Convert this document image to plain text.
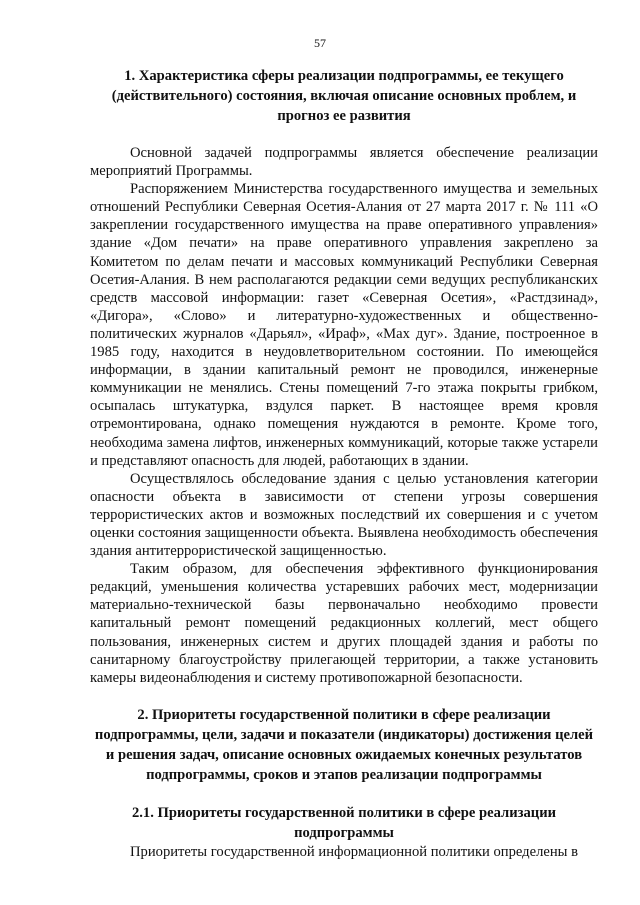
57
1. Характеристика сферы реализации подпрограммы, ее текущего (действительного) состояния, включая описание основных проблем, и прогноз ее развития

Основной задачей подпрограммы является обеспечение реализации мероприятий Программы.

Распоряжением Министерства государственного имущества и земельных отношений Республики Северная Осетия-Алания от 27 марта 2017 г. № 111 «О закреплении государственного имущества на праве оперативного управления» здание «Дом печати» на праве оперативного управления закреплено за Комитетом по делам печати и массовых коммуникаций Республики Северная Осетия-Алания. В нем располагаются редакции семи ведущих республиканских средств массовой информации: газет «Северная Осетия», «Растдзинад», «Дигора», «Слово» и литературно-художественных и общественно-политических журналов «Дарьял», «Ираф», «Мах дуг». Здание, построенное в 1985 году, находится в неудовлетворительном состоянии. По имеющейся информации, в здании капитальный ремонт не проводился, инженерные коммуникации не менялись. Стены помещений 7-го этажа покрыты грибком, осыпалась штукатурка, вздулся паркет. В настоящее время кровля отремонтирована, однако помещения нуждаются в ремонте. Кроме того, необходима замена лифтов, инженерных коммуникаций, которые также устарели и представляют опасность для людей, работающих в здании.

Осуществлялось обследование здания с целью установления категории опасности объекта в зависимости от степени угрозы совершения террористических актов и возможных последствий их совершения и с учетом оценки состояния защищенности объекта. Выявлена необходимость обеспечения здания антитеррористической защищенностью.

Таким образом, для обеспечения эффективного функционирования редакций, уменьшения количества устаревших рабочих мест, модернизации материально-технической базы первоначально необходимо провести капитальный ремонт помещений редакционных коллегий, мест общего пользования, инженерных систем и других площадей здания и работы по санитарному благоустройству прилегающей территории, а также установить камеры видеонаблюдения и систему противопожарной безопасности.

2. Приоритеты государственной политики в сфере реализации подпрограммы, цели, задачи и показатели (индикаторы) достижения целей и решения задач, описание основных ожидаемых конечных результатов подпрограммы, сроков и этапов реализации подпрограммы
2.1. Приоритеты государственной политики в сфере реализации подпрограммы

Приоритеты государственной информационной политики определены в
